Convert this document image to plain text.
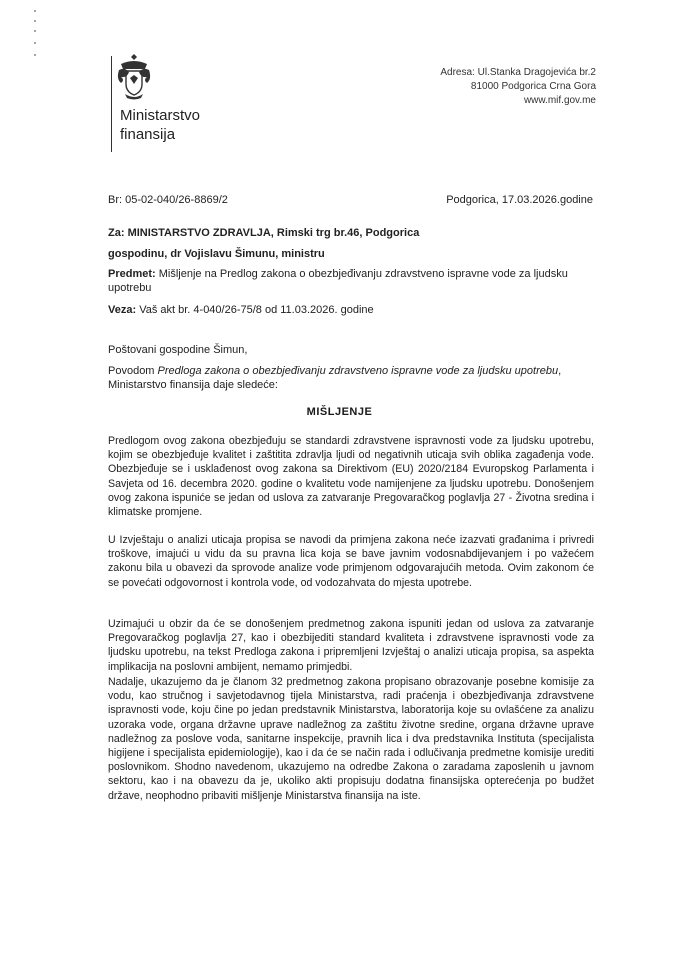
Ministarstvo
finansija
Adresa: Ul.Stanka Dragojevića br.2
81000 Podgorica Crna Gora
www.mif.gov.me
Br: 05-02-040/26-8869/2	Podgorica, 17.03.2026.godine
Za: MINISTARSTVO ZDRAVLJA, Rimski trg br.46, Podgorica
gospodinu, dr Vojislavu Šimunu, ministru
Predmet: Mišljenje na Predlog zakona o obezbjeđivanju zdravstveno ispravne vode za ljudsku upotrebu
Veza: Vaš akt br. 4-040/26-75/8 od 11.03.2026. godine
Poštovani gospodine Šimun,
Povodom Predloga zakona o obezbjeđivanju zdravstveno ispravne vode za ljudsku upotrebu, Ministarstvo finansija daje sledeće:
MIŠLJENJE
Predlogom ovog zakona obezbjeđuju se standardi zdravstvene ispravnosti vode za ljudsku upotrebu, kojim se obezbjeđuje kvalitet i zaštitita zdravlja ljudi od negativnih uticaja svih oblika zagađenja vode. Obezbjeđuje se i usklađenost ovog zakona sa Direktivom (EU) 2020/2184 Evuropskog Parlamenta i Savjeta od 16. decembra 2020. godine o kvalitetu vode namijenjene za ljudsku upotrebu. Donošenjem ovog zakona ispuniće se jedan od uslova za zatvaranje Pregovaračkog poglavlja 27 - Životna sredina i klimatske promjene.
U Izvještaju o analizi uticaja propisa se navodi da primjena zakona neće izazvati građanima i privredi troškove, imajući u vidu da su pravna lica koja se bave javnim vodosnabdijevanjem i po važećem zakonu bila u obavezi da sprovode analize vode primjenom odgovarajućih metoda. Ovim zakonom će se povećati odgovornost i kontrola vode, od vodozahvata do mjesta upotrebe.
Uzimajući u obzir da će se donošenjem predmetnog zakona ispuniti jedan od uslova za zatvaranje Pregovaračkog poglavlja 27, kao i obezbijediti standard kvaliteta i zdravstvene ispravnosti vode za ljudsku upotrebu, na tekst Predloga zakona i pripremljeni Izvještaj o analizi uticaja propisa, sa aspekta implikacija na poslovni ambijent, nemamo primjedbi.
Nadalje, ukazujemo da je članom 32 predmetnog zakona propisano obrazovanje posebne komisije za vodu, kao stručnog i savjetodavnog tijela Ministarstva, radi praćenja i obezbjeđivanja zdravstvene ispravnosti vode, koju čine po jedan predstavnik Ministarstva, laboratorija koje su ovlašćene za analizu uzoraka vode, organa državne uprave nadležnog za zaštitu životne sredine, organa državne uprave nadležnog za poslove voda, sanitarne inspekcije, pravnih lica i dva predstavnika Instituta (specijalista higijene i specijalista epidemiologije), kao i da će se način rada i odlučivanja predmetne komisije urediti poslovnikom. Shodno navedenom, ukazujemo na odredbe Zakona o zaradama zaposlenih u javnom sektoru, kao i na obavezu da je, ukoliko akti propisuju dodatna finansijska opterećenja po budžet države, neophodno pribaviti mišljenje Ministarstva finansija na iste.
